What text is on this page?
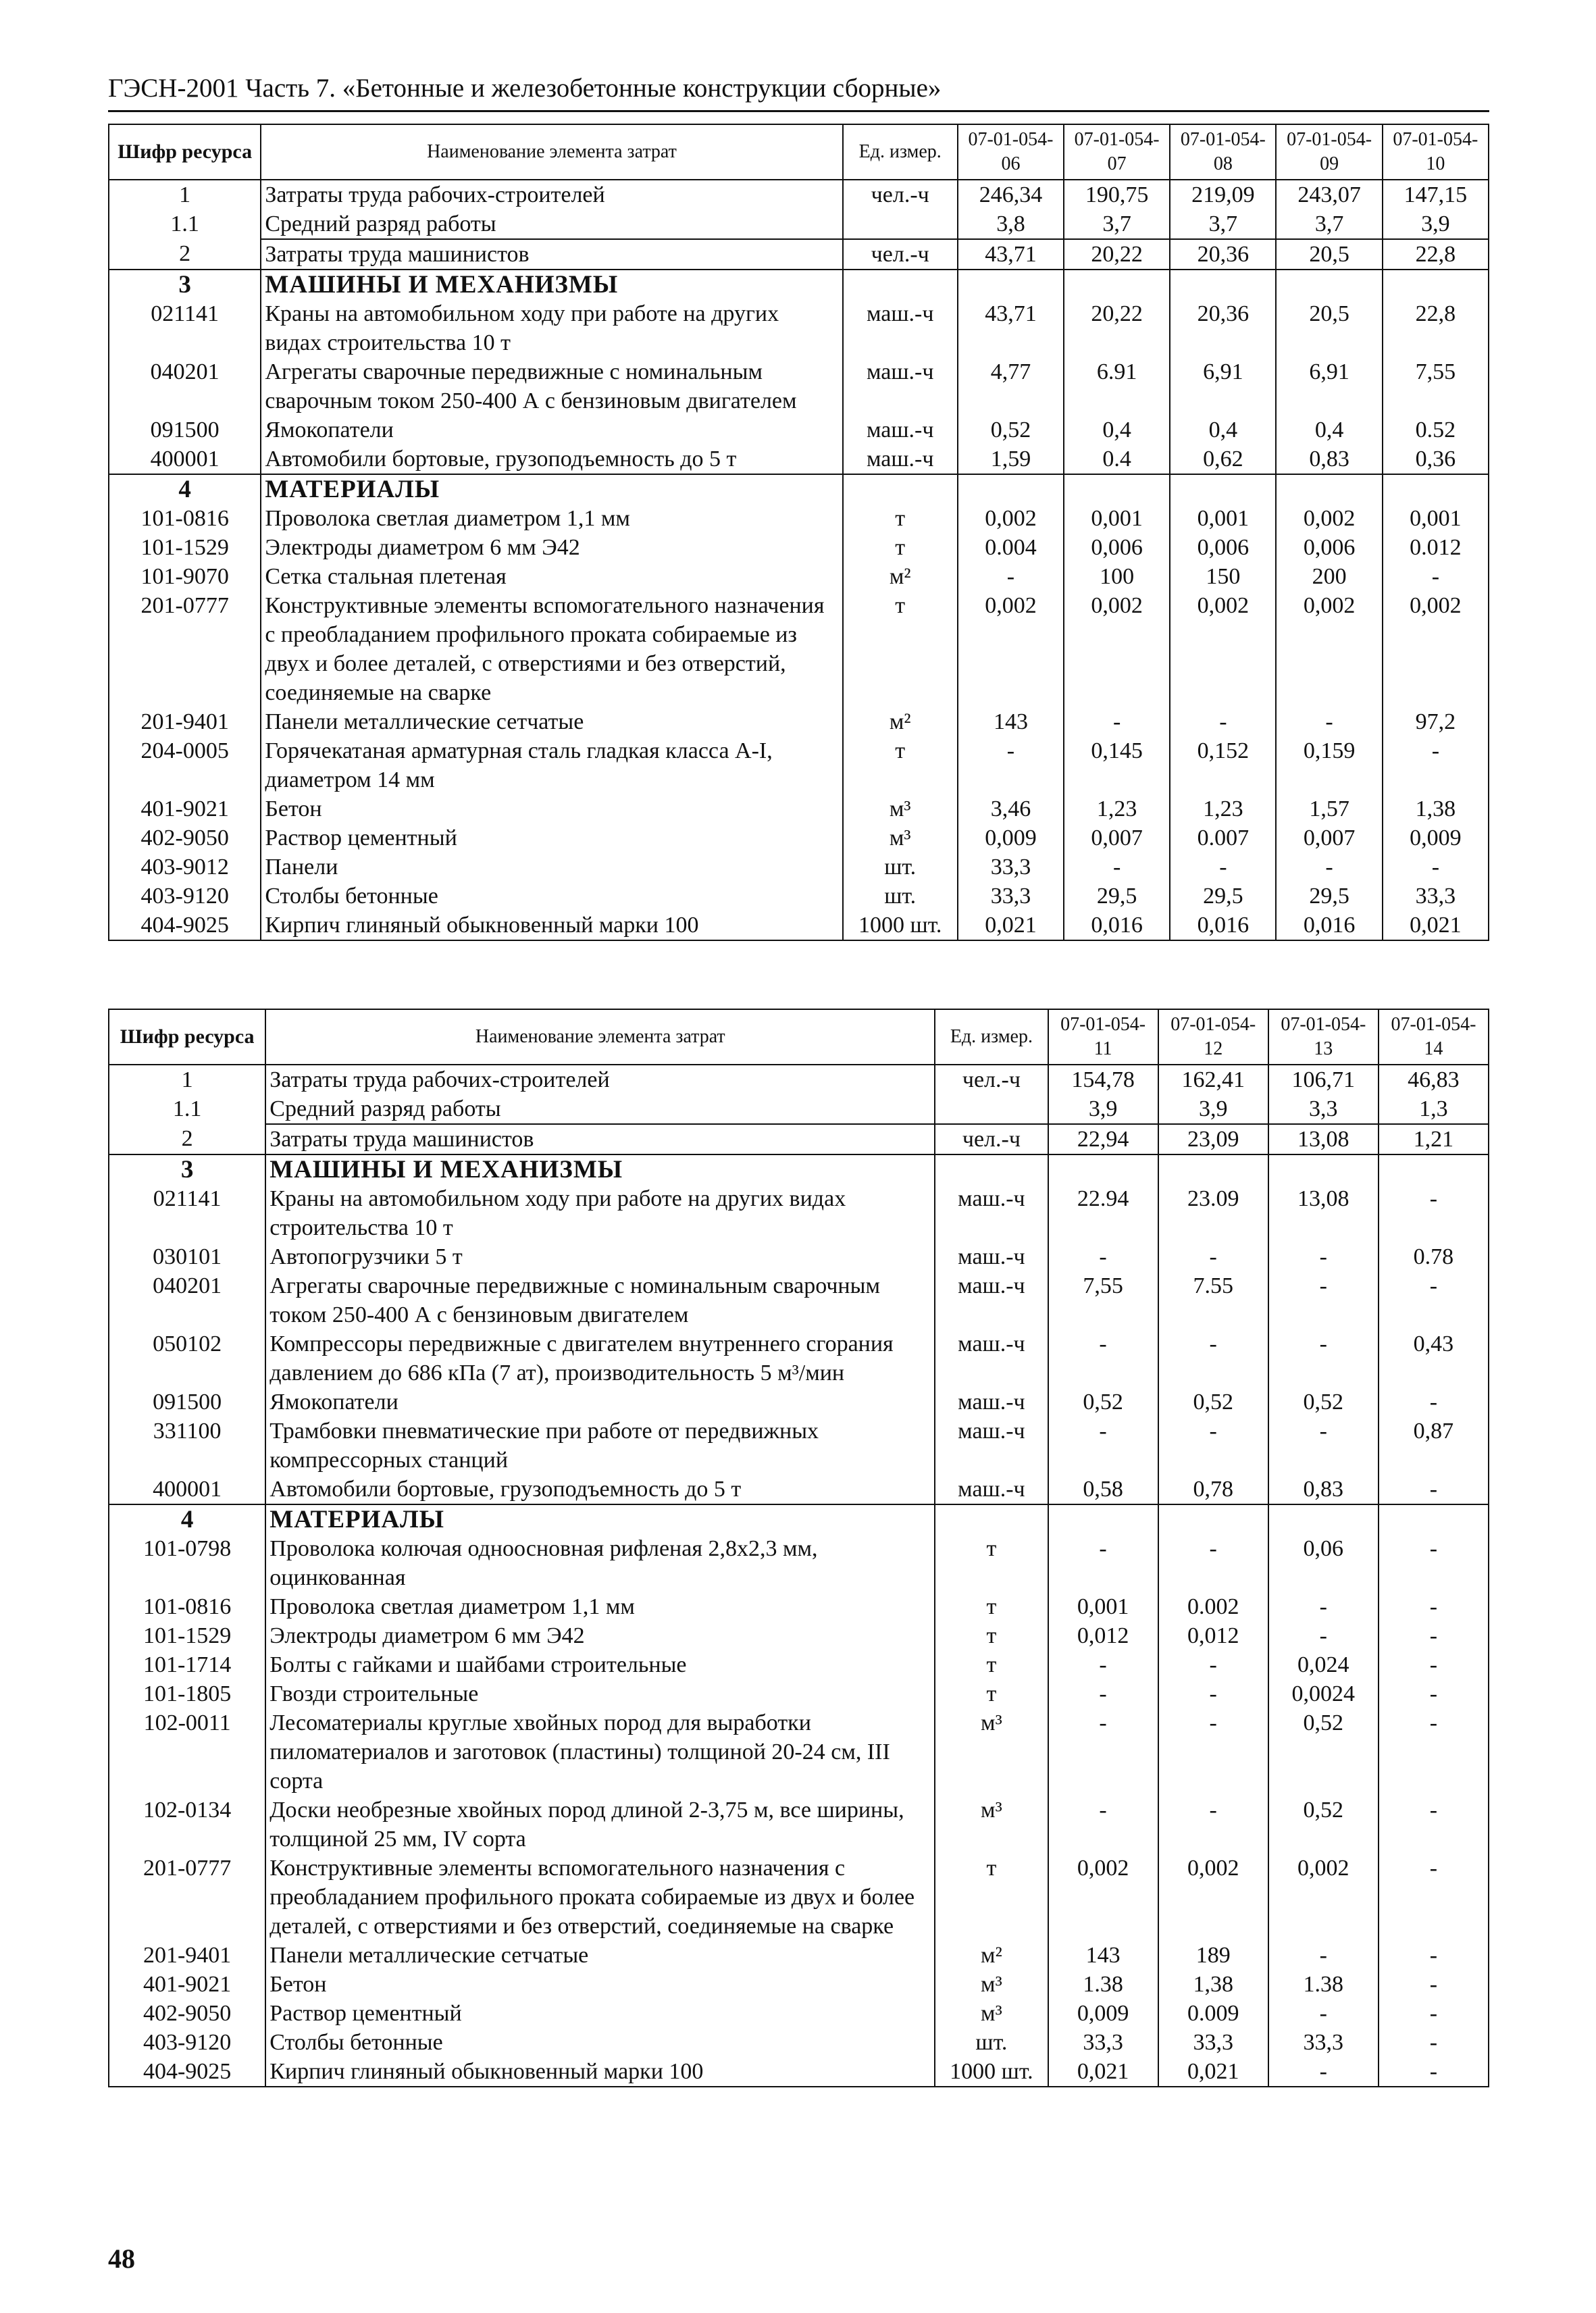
ГЭСН-2001 Часть 7. «Бетонные и железобетонные конструкции сборные»
Шифр ресурса	Наименование элемента затрат	Ед. измер.	07-01-054-06	07-01-054-07	07-01-054-08	07-01-054-09	07-01-054-10
1	Затраты труда рабочих-строителей	чел.-ч	246,34	190,75	219,09	243,07	147,15
1.1	Средний разряд работы		3,8	3,7	3,7	3,7	3,9
2	Затраты труда машинистов	чел.-ч	43,71	20,22	20,36	20,5	22,8
3	МАШИНЫ И МЕХАНИЗМЫ						
021141	Краны на автомобильном ходу при работе на других видах строительства 10 т	маш.-ч	43,71	20,22	20,36	20,5	22,8
040201	Агрегаты сварочные передвижные с номинальным сварочным током 250-400 А с бензиновым двигателем	маш.-ч	4,77	6.91	6,91	6,91	7,55
091500	Ямокопатели	маш.-ч	0,52	0,4	0,4	0,4	0.52
400001	Автомобили бортовые, грузоподъемность до 5 т	маш.-ч	1,59	0.4	0,62	0,83	0,36
4	МАТЕРИАЛЫ						
101-0816	Проволока светлая диаметром 1,1 мм	т	0,002	0,001	0,001	0,002	0,001
101-1529	Электроды диаметром 6 мм Э42	т	0.004	0,006	0,006	0,006	0.012
101-9070	Сетка стальная плетеная	м²	-	100	150	200	-
201-0777	Конструктивные элементы вспомогательного назначения с преобладанием профильного проката собираемые из двух и более деталей, с отверстиями и без отверстий, соединяемые на сварке	т	0,002	0,002	0,002	0,002	0,002
201-9401	Панели металлические сетчатые	м²	143	-	-	-	97,2
204-0005	Горячекатаная арматурная сталь гладкая класса А-I, диаметром 14 мм	т	-	0,145	0,152	0,159	-
401-9021	Бетон	м³	3,46	1,23	1,23	1,57	1,38
402-9050	Раствор цементный	м³	0,009	0,007	0.007	0,007	0,009
403-9012	Панели	шт.	33,3	-	-	-	-
403-9120	Столбы бетонные	шт.	33,3	29,5	29,5	29,5	33,3
404-9025	Кирпич глиняный обыкновенный марки 100	1000 шт.	0,021	0,016	0,016	0,016	0,021
Шифр ресурса	Наименование элемента затрат	Ед. измер.	07-01-054-11	07-01-054-12	07-01-054-13	07-01-054-14
1	Затраты труда рабочих-строителей	чел.-ч	154,78	162,41	106,71	46,83
1.1	Средний разряд работы		3,9	3,9	3,3	1,3
2	Затраты труда машинистов	чел.-ч	22,94	23,09	13,08	1,21
3	МАШИНЫ И МЕХАНИЗМЫ					
021141	Краны на автомобильном ходу при работе на других видах строительства 10 т	маш.-ч	22.94	23.09	13,08	-
030101	Автопогрузчики 5 т	маш.-ч	-	-	-	0.78
040201	Агрегаты сварочные передвижные с номинальным сварочным током 250-400 А с бензиновым двигателем	маш.-ч	7,55	7.55	-	-
050102	Компрессоры передвижные с двигателем внутреннего сгорания давлением до 686 кПа (7 ат), производительность 5 м³/мин	маш.-ч	-	-	-	0,43
091500	Ямокопатели	маш.-ч	0,52	0,52	0,52	-
331100	Трамбовки пневматические при работе от передвижных компрессорных станций	маш.-ч	-	-	-	0,87
400001	Автомобили бортовые, грузоподъемность до 5 т	маш.-ч	0,58	0,78	0,83	-
4	МАТЕРИАЛЫ					
101-0798	Проволока колючая одноосновная рифленая 2,8х2,3 мм, оцинкованная	т	-	-	0,06	-
101-0816	Проволока светлая диаметром 1,1 мм	т	0,001	0.002	-	-
101-1529	Электроды диаметром 6 мм Э42	т	0,012	0,012	-	-
101-1714	Болты с гайками и шайбами строительные	т	-	-	0,024	-
101-1805	Гвозди строительные	т	-	-	0,0024	-
102-0011	Лесоматериалы круглые хвойных пород для выработки пиломатериалов и заготовок (пластины) толщиной 20-24 см, III сорта	м³	-	-	0,52	-
102-0134	Доски необрезные хвойных пород длиной 2-3,75 м, все ширины, толщиной 25 мм, IV сорта	м³	-	-	0,52	-
201-0777	Конструктивные элементы вспомогательного назначения с преобладанием профильного проката собираемые из двух и более деталей, с отверстиями и без отверстий, соединяемые на сварке	т	0,002	0,002	0,002	-
201-9401	Панели металлические сетчатые	м²	143	189	-	-
401-9021	Бетон	м³	1.38	1,38	1.38	-
402-9050	Раствор цементный	м³	0,009	0.009	-	-
403-9120	Столбы бетонные	шт.	33,3	33,3	33,3	-
404-9025	Кирпич глиняный обыкновенный марки 100	1000 шт.	0,021	0,021	-	-
48
